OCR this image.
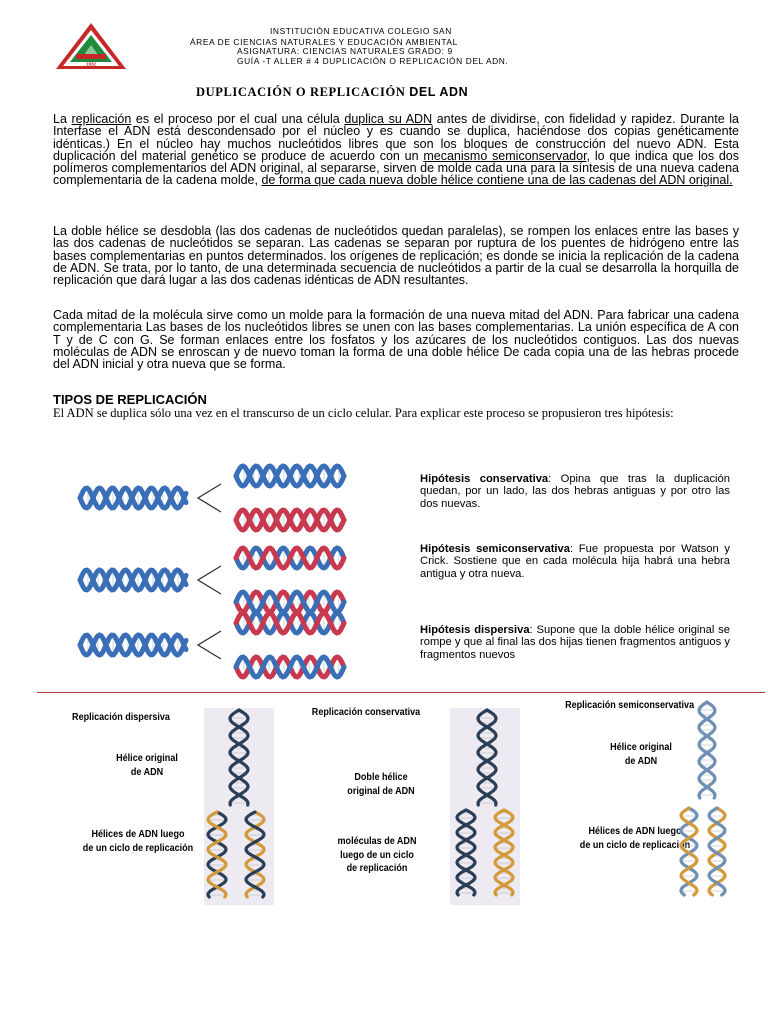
1932
INSTITUCIÓN EDUCATIVA COLEGIO SAN
ÁREA DE CIENCIAS NATURALES Y EDUCACIÓN AMBIENTAL
ASIGNATURA: CIENCIAS NATURALES GRADO: 9
GUÍA -T ALLER # 4 DUPLICACIÓN O REPLICACIÓN DEL ADN.
DUPLICACIÓN O REPLICACIÓN DEL ADN
La replicación es el proceso por el cual una célula duplica su ADN antes de dividirse, con fidelidad y rapidez. Durante la Interfase el ADN está descondensado por el núcleo y es cuando se duplica, haciéndose dos copias genéticamente idénticas.) En el núcleo hay muchos nucleótidos libres que son los bloques de construcción del nuevo ADN. Esta duplicación del material genético se produce de acuerdo con un mecanismo semiconservador, lo que indica que los dos polímeros complementarios del ADN original, al separarse, sirven de molde cada una para la síntesis de una nueva cadena complementaria de la cadena molde, de forma que cada nueva doble hélice contiene una de las cadenas del ADN original.
La doble hélice se desdobla (las dos cadenas de nucleótidos quedan paralelas), se rompen los enlaces entre las bases y las dos cadenas de nucleótidos se separan. Las cadenas se separan por ruptura de los puentes de hidrógeno entre las bases complementarias en puntos determinados. los orígenes de replicación; es donde se inicia la replicación de la cadena de ADN. Se trata, por lo tanto, de una determinada secuencia de nucleótidos a partir de la cual se desarrolla la horquilla de replicación que dará lugar a las dos cadenas idénticas de ADN resultantes.
Cada mitad de la molécula sirve como un molde para la formación de una nueva mitad del ADN. Para fabricar una cadena complementaria Las bases de los nucleótidos libres se unen con las bases complementarias. La unión específica de A con T y de C con G. Se forman enlaces entre los fosfatos y los azúcares de los nucleótidos contiguos. Las dos nuevas moléculas de ADN se enroscan y de nuevo toman la forma de una doble hélice De cada copia una de las hebras procede del ADN inicial y otra nueva que se forma.
TIPOS DE REPLICACIÓN
El ADN se duplica sólo una vez en el transcurso de un ciclo celular. Para explicar este proceso se propusieron tres hipótesis:
Hipótesis conservativa: Opina que tras la duplicación quedan, por un lado, las dos hebras antiguas y por otro las dos nuevas.
Hipótesis semiconservativa: Fue propuesta por Watson y Crick. Sostiene que en cada molécula hija habrá una hebra antigua y otra nueva.
Hipótesis dispersiva: Supone que la doble hélice original se rompe y que al final las dos hijas tienen fragmentos antiguos y fragmentos nuevos
Replicación dispersiva
Hélice original
de ADN
Hélices de ADN luego
de un ciclo de replicación
Replicación conservativa
Doble hélice
original de ADN
moléculas de ADN
luego de un ciclo
de replicación
Replicación semiconservativa
Hélice original
de ADN
Hélices de ADN luego
de un ciclo de replicación
